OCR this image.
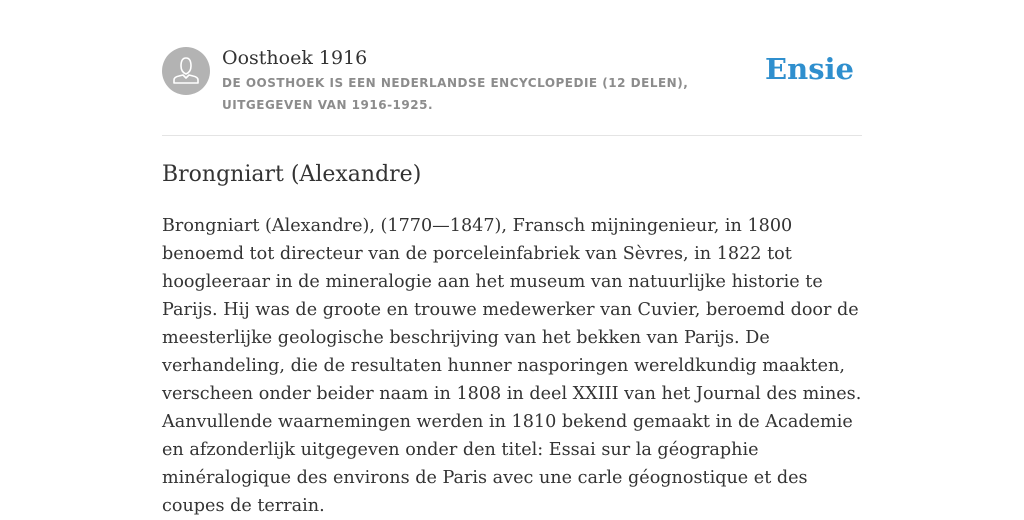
Oosthoek 1916
DE OOSTHOEK IS EEN NEDERLANDSE ENCYCLOPEDIE (12 DELEN), UITGEGEVEN VAN 1916-1925.
Ensie
Brongniart (Alexandre)

Brongniart (Alexandre), (1770—1847), Fransch mijningenieur, in 1800 benoemd tot directeur van de porceleinfabriek van Sèvres, in 1822 tot hoogleeraar in de mineralogie aan het museum van natuurlijke historie te Parijs. Hij was de groote en trouwe medewerker van Cuvier, beroemd door de meesterlijke geologische beschrijving van het bekken van Parijs. De verhandeling, die de resultaten hunner nasporingen wereldkundig maakten, verscheen onder beider naam in 1808 in deel XXIII van het Journal des mines. Aanvullende waarnemingen werden in 1810 bekend gemaakt in de Academie en afzonderlijk uitgegeven onder den titel: Essai sur la géographie minéralogique des environs de Paris avec une carle géognostique et des coupes de terrain.
